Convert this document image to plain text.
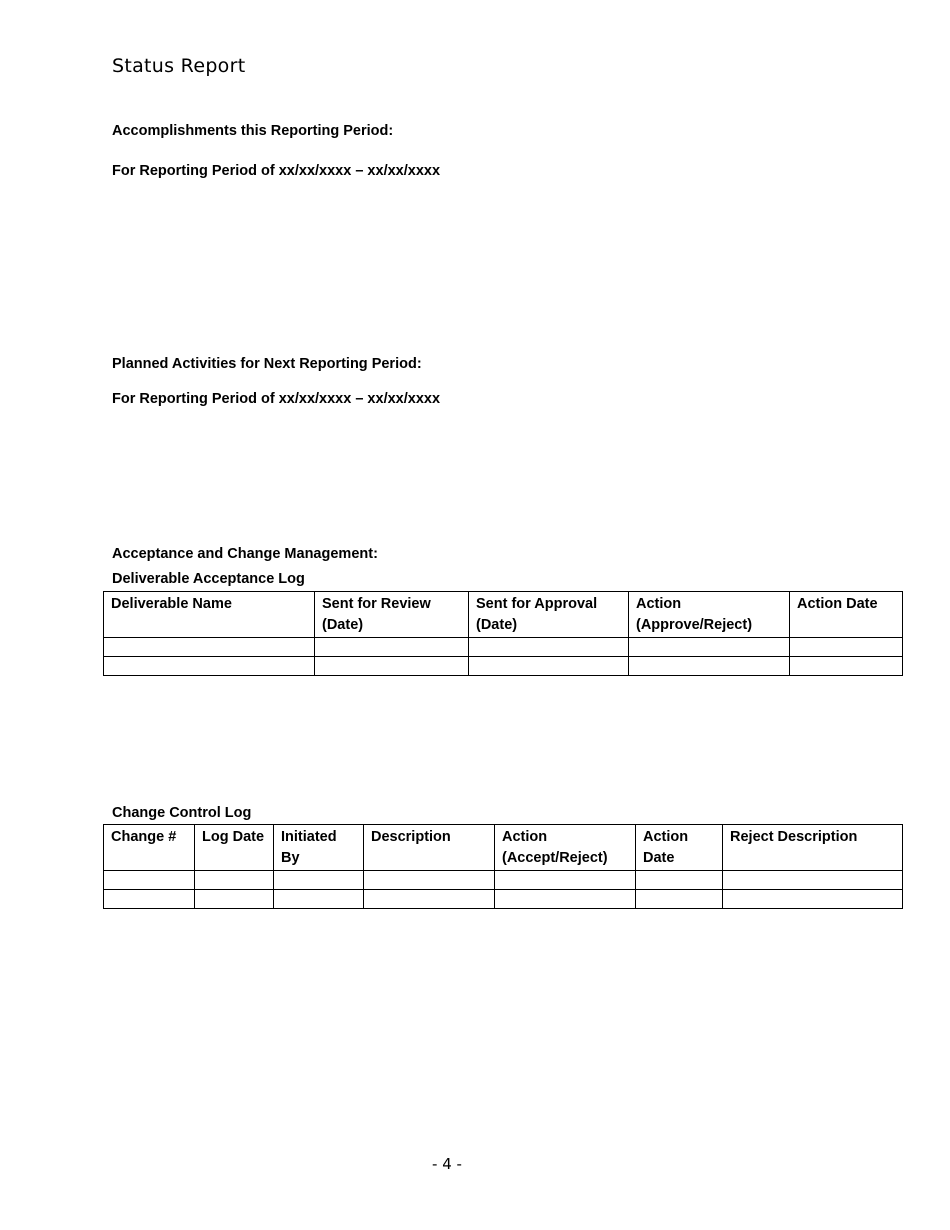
Status Report
Accomplishments this Reporting Period:
For Reporting Period of xx/xx/xxxx – xx/xx/xxxx
Planned Activities for Next Reporting Period:
For Reporting Period of xx/xx/xxxx – xx/xx/xxxx
Acceptance and Change Management:
Deliverable Acceptance Log
Deliverable Name	Sent for Review (Date)	Sent for Approval (Date)	Action (Approve/Reject)	Action Date

Change Control Log
Change #	Log Date	Initiated By	Description	Action (Accept/Reject)	Action Date	Reject Description

- 4 -
